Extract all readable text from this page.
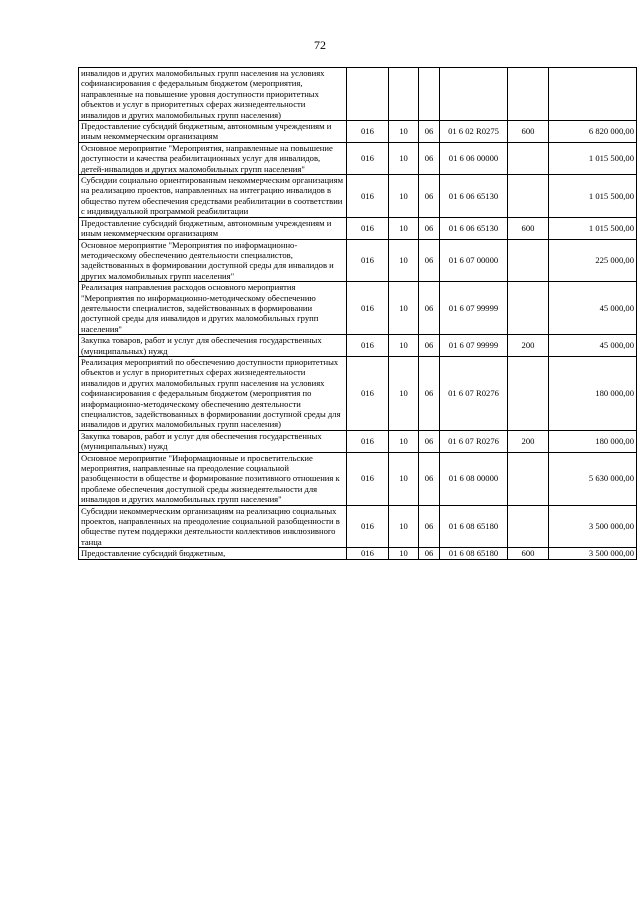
72
инвалидов и других маломобильных групп населения на условиях софинансирования с федеральным бюджетом (мероприятия, направленные на повышение уровня доступности приоритетных объектов и услуг в приоритетных сферах жизнедеятельности инвалидов и других маломобильных групп населения)						
Предоставление субсидий бюджетным, автономным учреждениям и иным некоммерческим организациям	016	10	06	01 6 02 R0275	600	6 820 000,00
Основное мероприятие "Мероприятия, направленные на повышение доступности и качества реабилитационных услуг для инвалидов, детей-инвалидов и других маломобильных групп населения"	016	10	06	01 6 06 00000		1 015 500,00
Субсидии социально ориентированным некоммерческим организациям на реализацию проектов, направленных на интеграцию инвалидов в общество путем обеспечения средствами реабилитации в соответствии с индивидуальной программой реабилитации	016	10	06	01 6 06 65130		1 015 500,00
Предоставление субсидий бюджетным, автономным учреждениям и иным некоммерческим организациям	016	10	06	01 6 06 65130	600	1 015 500,00
Основное мероприятие "Мероприятия по информационно-методическому обеспечению деятельности специалистов, задействованных в формировании доступной среды для инвалидов и других маломобильных групп населения"	016	10	06	01 6 07 00000		225 000,00
Реализация направления расходов основного мероприятия "Мероприятия по информационно-методическому обеспечению деятельности специалистов, задействованных в формировании доступной среды для инвалидов и других маломобильных групп населения"	016	10	06	01 6 07 99999		45 000,00
Закупка товаров, работ и услуг для обеспечения государственных (муниципальных) нужд	016	10	06	01 6 07 99999	200	45 000,00
Реализация мероприятий по обеспечению доступности приоритетных объектов и услуг в приоритетных сферах жизнедеятельности инвалидов и других маломобильных групп населения на условиях софинансирования с федеральным бюджетом (мероприятия по информационно-методическому обеспечению деятельности специалистов, задействованных в формировании доступной среды для инвалидов и других маломобильных групп населения)	016	10	06	01 6 07 R0276		180 000,00
Закупка товаров, работ и услуг для обеспечения государственных (муниципальных) нужд	016	10	06	01 6 07 R0276	200	180 000,00
Основное мероприятие "Информационные и просветительские мероприятия, направленные на преодоление социальной разобщенности в обществе и формирование позитивного отношения к проблеме обеспечения доступной среды жизнедеятельности для инвалидов и других маломобильных групп населения"	016	10	06	01 6 08 00000		5 630 000,00
Субсидии некоммерческим организациям на реализацию социальных проектов, направленных на преодоление социальной разобщенности в обществе путем поддержки деятельности коллективов инклюзивного танца	016	10	06	01 6 08 65180		3 500 000,00
Предоставление субсидий бюджетным,	016	10	06	01 6 08 65180	600	3 500 000,00
